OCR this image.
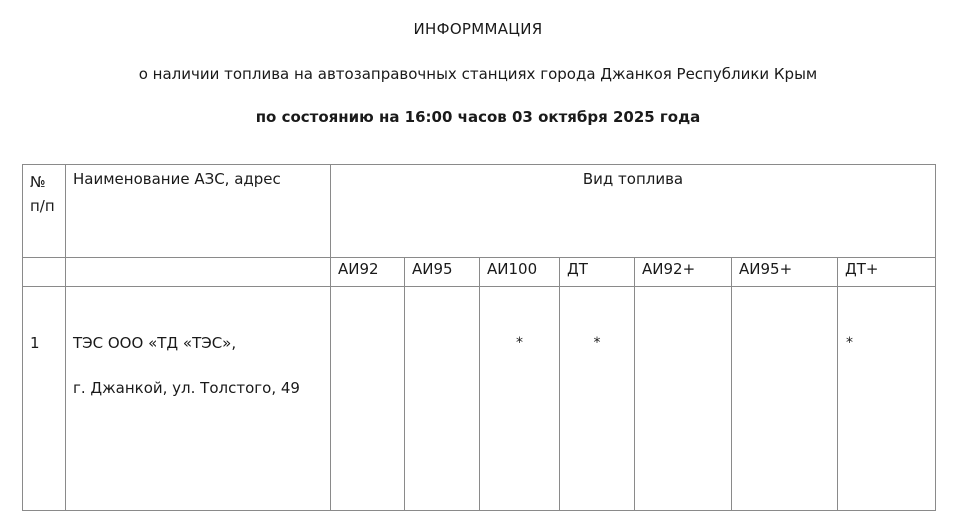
ИНФОРММАЦИЯ

о наличии топлива на автозаправочных станциях города Джанкоя Республики Крым

по состоянию на 16:00 часов 03 октября 2025 года

№ п/п	Наименование АЗС, адрес	Вид топлива						
		АИ92	АИ95	АИ100	ДТ	АИ92+	АИ95+	ДТ+
1	ТЭС ООО «ТД «ТЭС»,
г. Джанкой, ул. Толстого, 49			*	*			*
